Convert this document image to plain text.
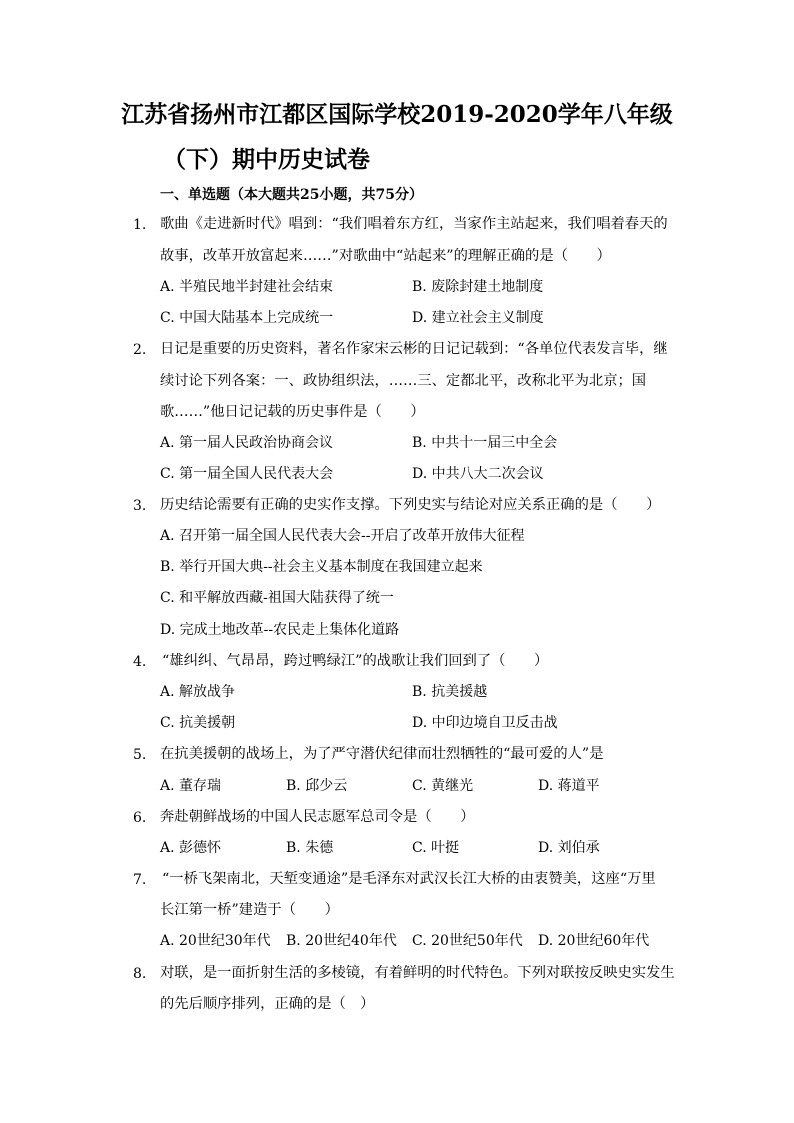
江苏省扬州市江都区国际学校2019-2020学年八年级
（下）期中历史试卷
一、单选题（本大题共25小题，共75分）
1. 歌曲《走进新时代》唱到：“我们唱着东方红，当家作主站起来，我们唱着春天的
故事，改革开放富起来……”对歌曲中“站起来”的理解正确的是（　　）
A. 半殖民地半封建社会结束	B. 废除封建土地制度
C. 中国大陆基本上完成统一	D. 建立社会主义制度
2. 日记是重要的历史资料，著名作家宋云彬的日记记载到：“各单位代表发言毕，继
续讨论下列各案：一、政协组织法，……三、定都北平，改称北平为北京；国
歌……”他日记记载的历史事件是（　　）
A. 第一届人民政治协商会议	B. 中共十一届三中全会
C. 第一届全国人民代表大会	D. 中共八大二次会议
3. 历史结论需要有正确的史实作支撑。下列史实与结论对应关系正确的是（　　）
A. 召开第一届全国人民代表大会--开启了改革开放伟大征程
B. 举行开国大典--社会主义基本制度在我国建立起来
C. 和平解放西藏-祖国大陆获得了统一
D. 完成土地改革--农民走上集体化道路
4. “雄纠纠、气昂昂，跨过鸭绿江”的战歌让我们回到了（　　）
A. 解放战争	B. 抗美援越
C. 抗美援朝	D. 中印边境自卫反击战
5. 在抗美援朝的战场上，为了严守潜伏纪律而壮烈牺牲的“最可爱的人”是
A. 董存瑞	B. 邱少云	C. 黄继光	D. 蒋道平
6. 奔赴朝鲜战场的中国人民志愿军总司令是（　　）
A. 彭德怀	B. 朱德	C. 叶挺	D. 刘伯承
7. “一桥飞架南北，天堑变通途”是毛泽东对武汉长江大桥的由衷赞美，这座“万里
长江第一桥”建造于（　　）
A. 20世纪30年代 B. 20世纪40年代 C. 20世纪50年代 D. 20世纪60年代
8. 对联，是一面折射生活的多棱镜，有着鲜明的时代特色。下列对联按反映史实发生
的先后顺序排列，正确的是（　）
